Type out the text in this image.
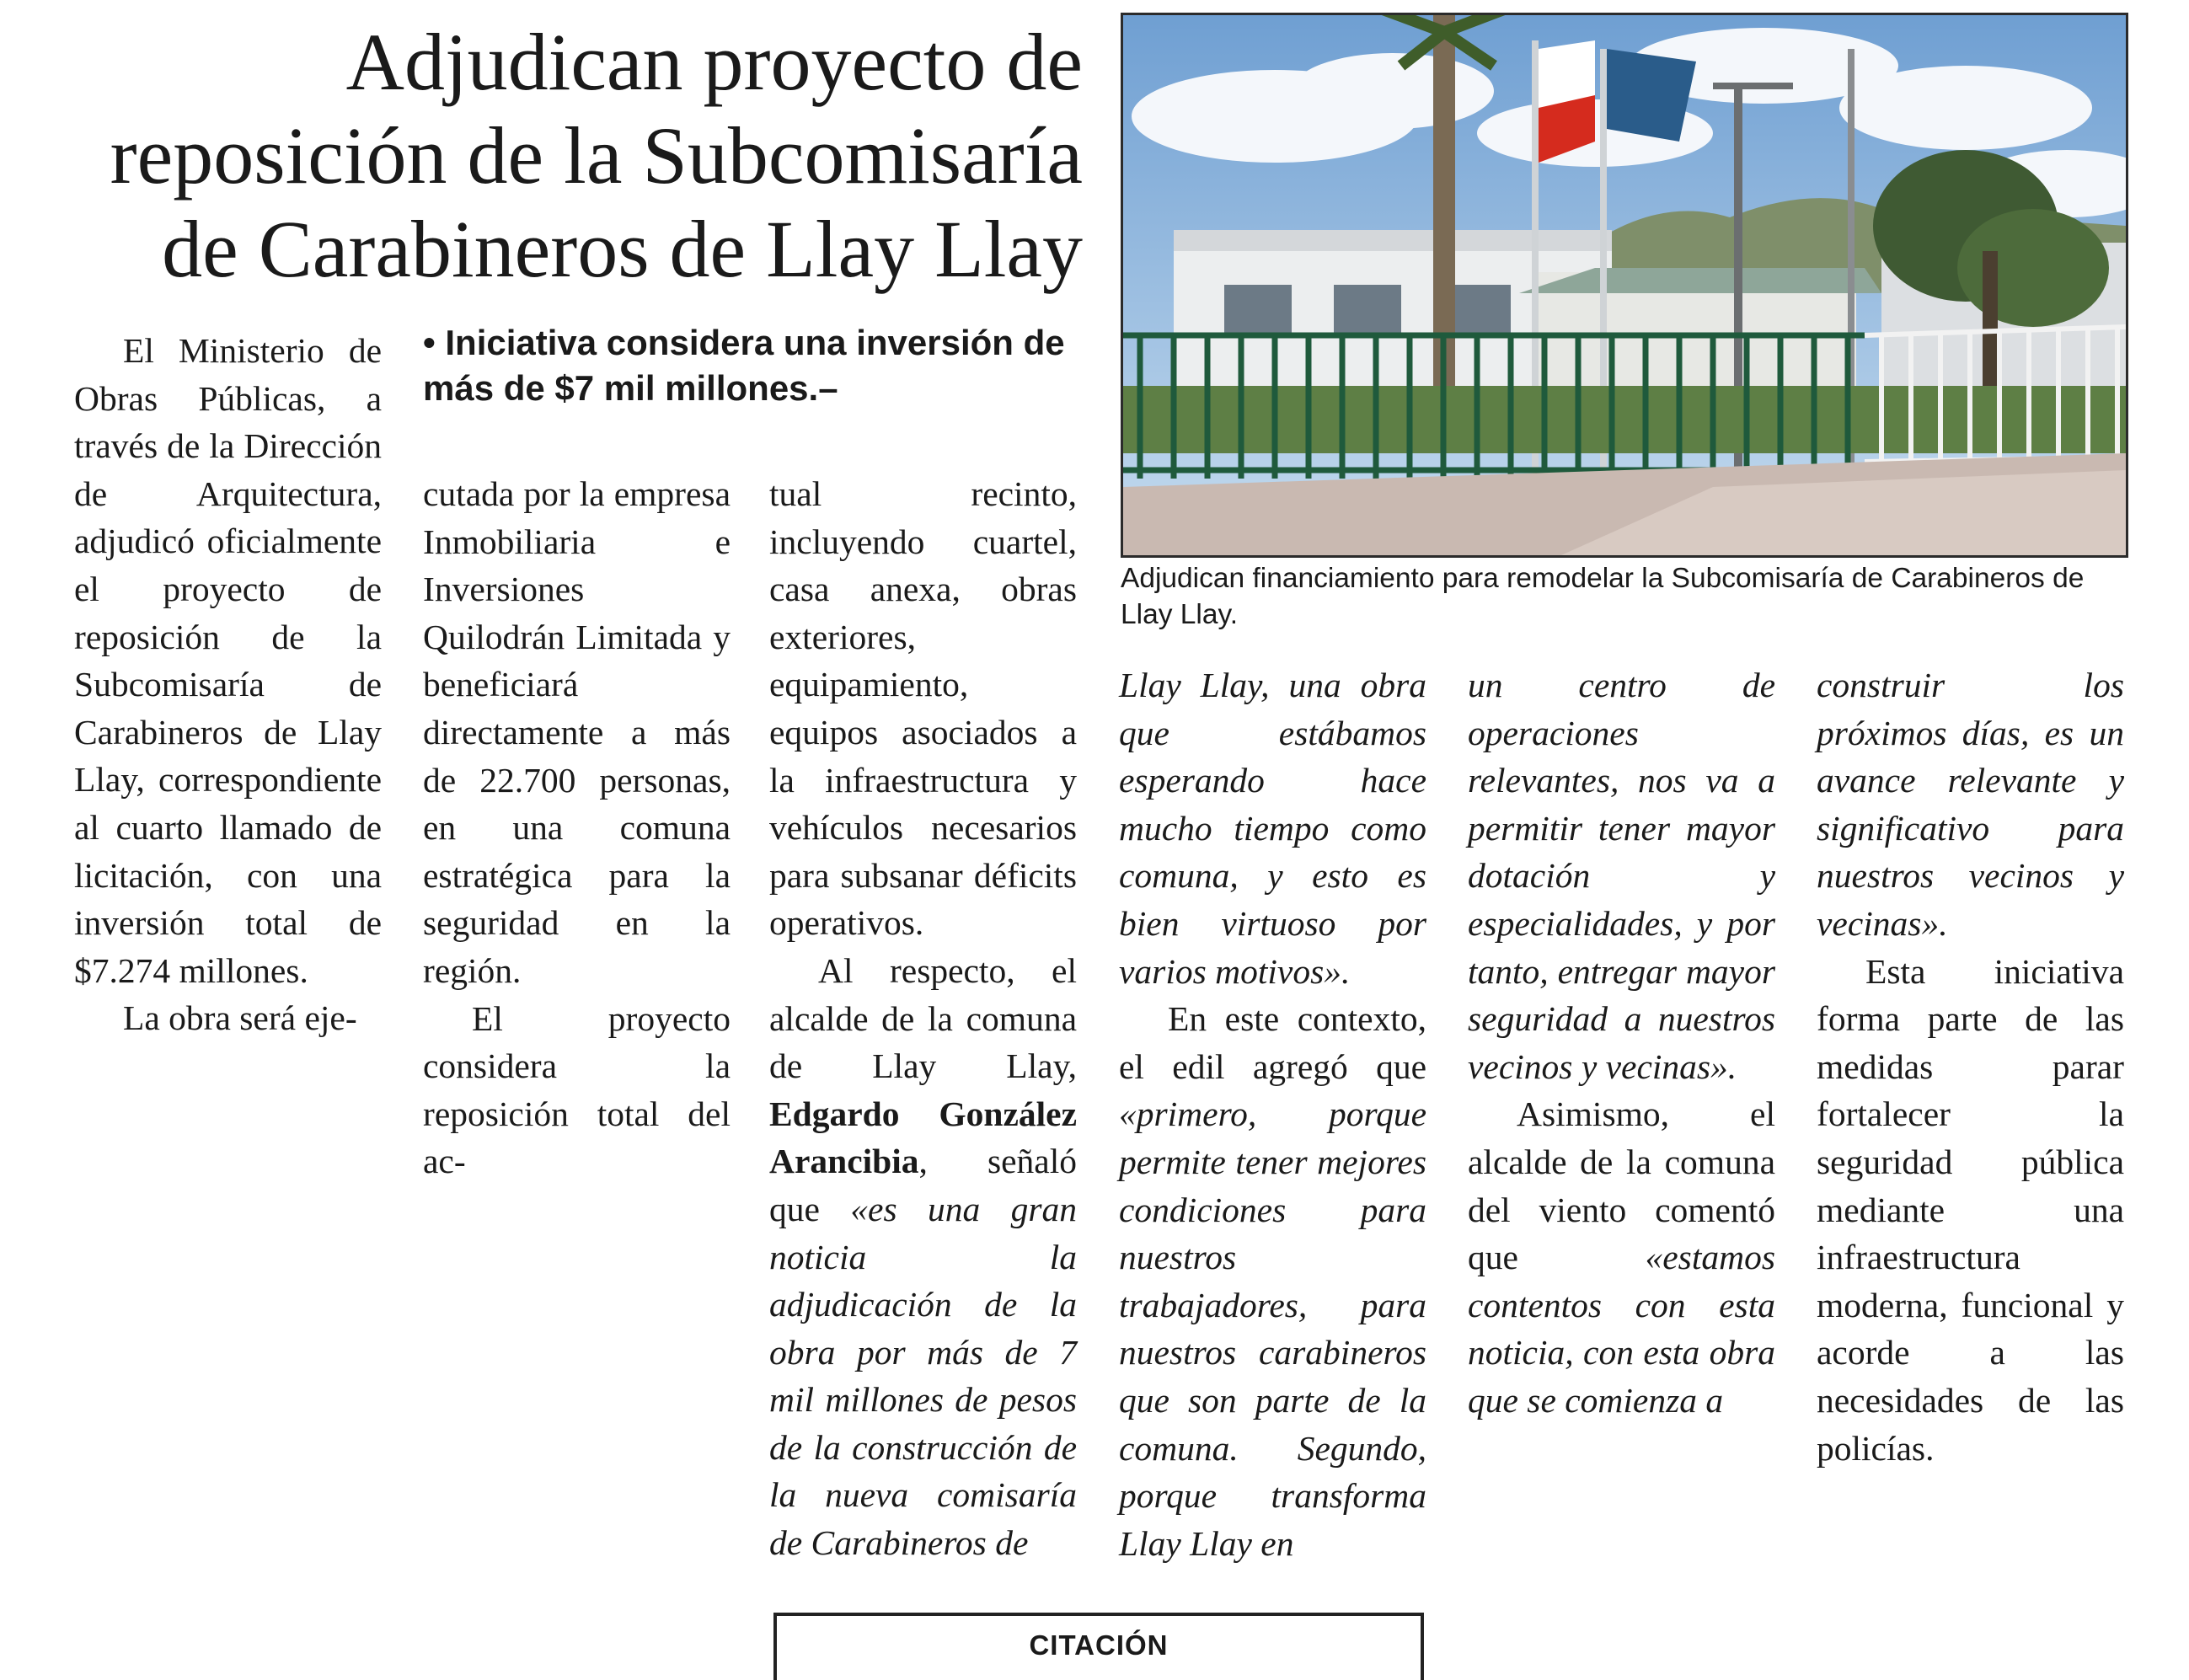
Adjudican proyecto de
reposición de la Subcomisaría
de Carabineros de Llay Llay

• Iniciativa considera una inversión de más de $7 mil millones.–

El Ministerio de Obras Públicas, a través de la Dirección de Arquitectura, adjudicó oficialmente el proyecto de reposición de la Subcomisaría de Carabineros de Llay Llay, correspondiente al cuarto llamado de licitación, con una inversión total de $7.274 millones.

La obra será eje-

cutada por la empresa Inmobiliaria e Inversiones Quilodrán Limitada y beneficiará directamente a más de 22.700 personas, en una comuna estratégica para la seguridad en la región.

El proyecto considera la reposición total del ac-

tual recinto, incluyendo cuartel, casa anexa, obras exteriores, equipamiento, equipos asociados a la infraestructura y vehículos necesarios para subsanar déficits operativos.

Al respecto, el alcalde de la comuna de Llay Llay, Edgardo González Arancibia, señaló que «es una gran noticia la adjudicación de la obra por más de 7 mil millones de pesos de la construcción de la nueva comisaría de Carabineros de

Llay Llay, una obra que estábamos esperando hace mucho tiempo como comuna, y esto es bien virtuoso por varios motivos».

En este contexto, el edil agregó que «primero, porque permite tener mejores condiciones para nuestros trabajadores, para nuestros carabineros que son parte de la comuna. Segundo, porque transforma Llay Llay en

un centro de operaciones relevantes, nos va a permitir tener mayor dotación y especialidades, y por tanto, entregar mayor seguridad a nuestros vecinos y vecinas».

Asimismo, el alcalde de la comuna del viento comentó que	«estamos contentos con esta noticia, con esta obra que se comienza a

construir los próximos días, es un avance relevante y significativo para nuestros vecinos y vecinas».

Esta iniciativa forma parte de las medidas parar fortalecer la seguridad pública mediante una infraestructura moderna, funcional y acorde a las necesidades de las policías.

Adjudican financiamiento para remodelar la Subcomisaría de Carabineros de Llay Llay.

CITACIÓN
